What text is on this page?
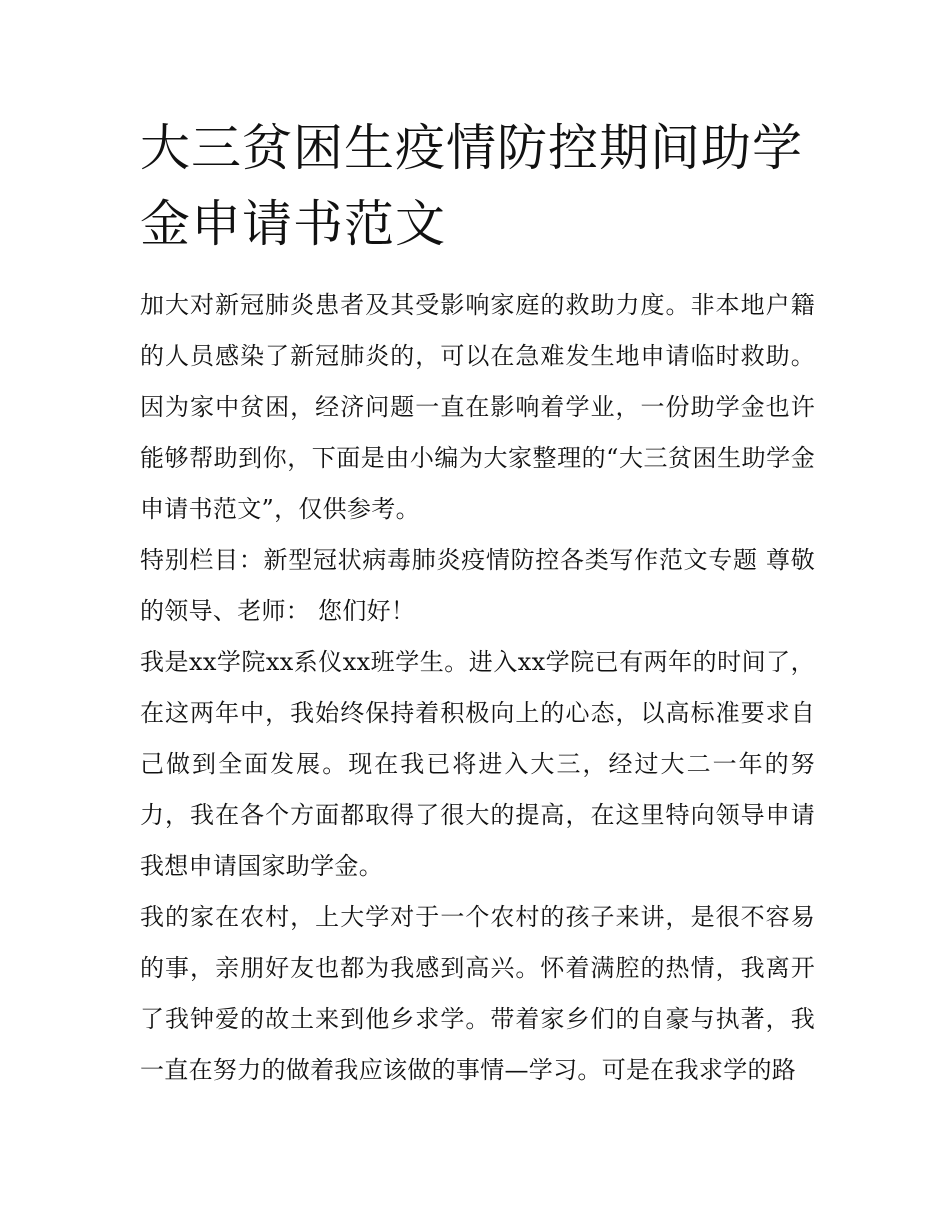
大三贫困生疫情防控期间助学金申请书范文

加大对新冠肺炎患者及其受影响家庭的救助力度。非本地户籍的人员感染了新冠肺炎的，可以在急难发生地申请临时救助。因为家中贫困，经济问题一直在影响着学业，一份助学金也许能够帮助到你，下面是由小编为大家整理的“大三贫困生助学金申请书范文”，仅供参考。

特别栏目：新型冠状病毒肺炎疫情防控各类写作范文专题 尊敬的领导、老师： 您们好！

我是xx学院xx系仪xx班学生。进入xx学院已有两年的时间了，在这两年中，我始终保持着积极向上的心态，以高标准要求自己做到全面发展。现在我已将进入大三，经过大二一年的努力，我在各个方面都取得了很大的提高，在这里特向领导申请我想申请国家助学金。

我的家在农村，上大学对于一个农村的孩子来讲，是很不容易的事，亲朋好友也都为我感到高兴。怀着满腔的热情，我离开了我钟爱的故土来到他乡求学。带着家乡们的自豪与执著，我一直在努力的做着我应该做的事情—学习。可是在我求学的路
